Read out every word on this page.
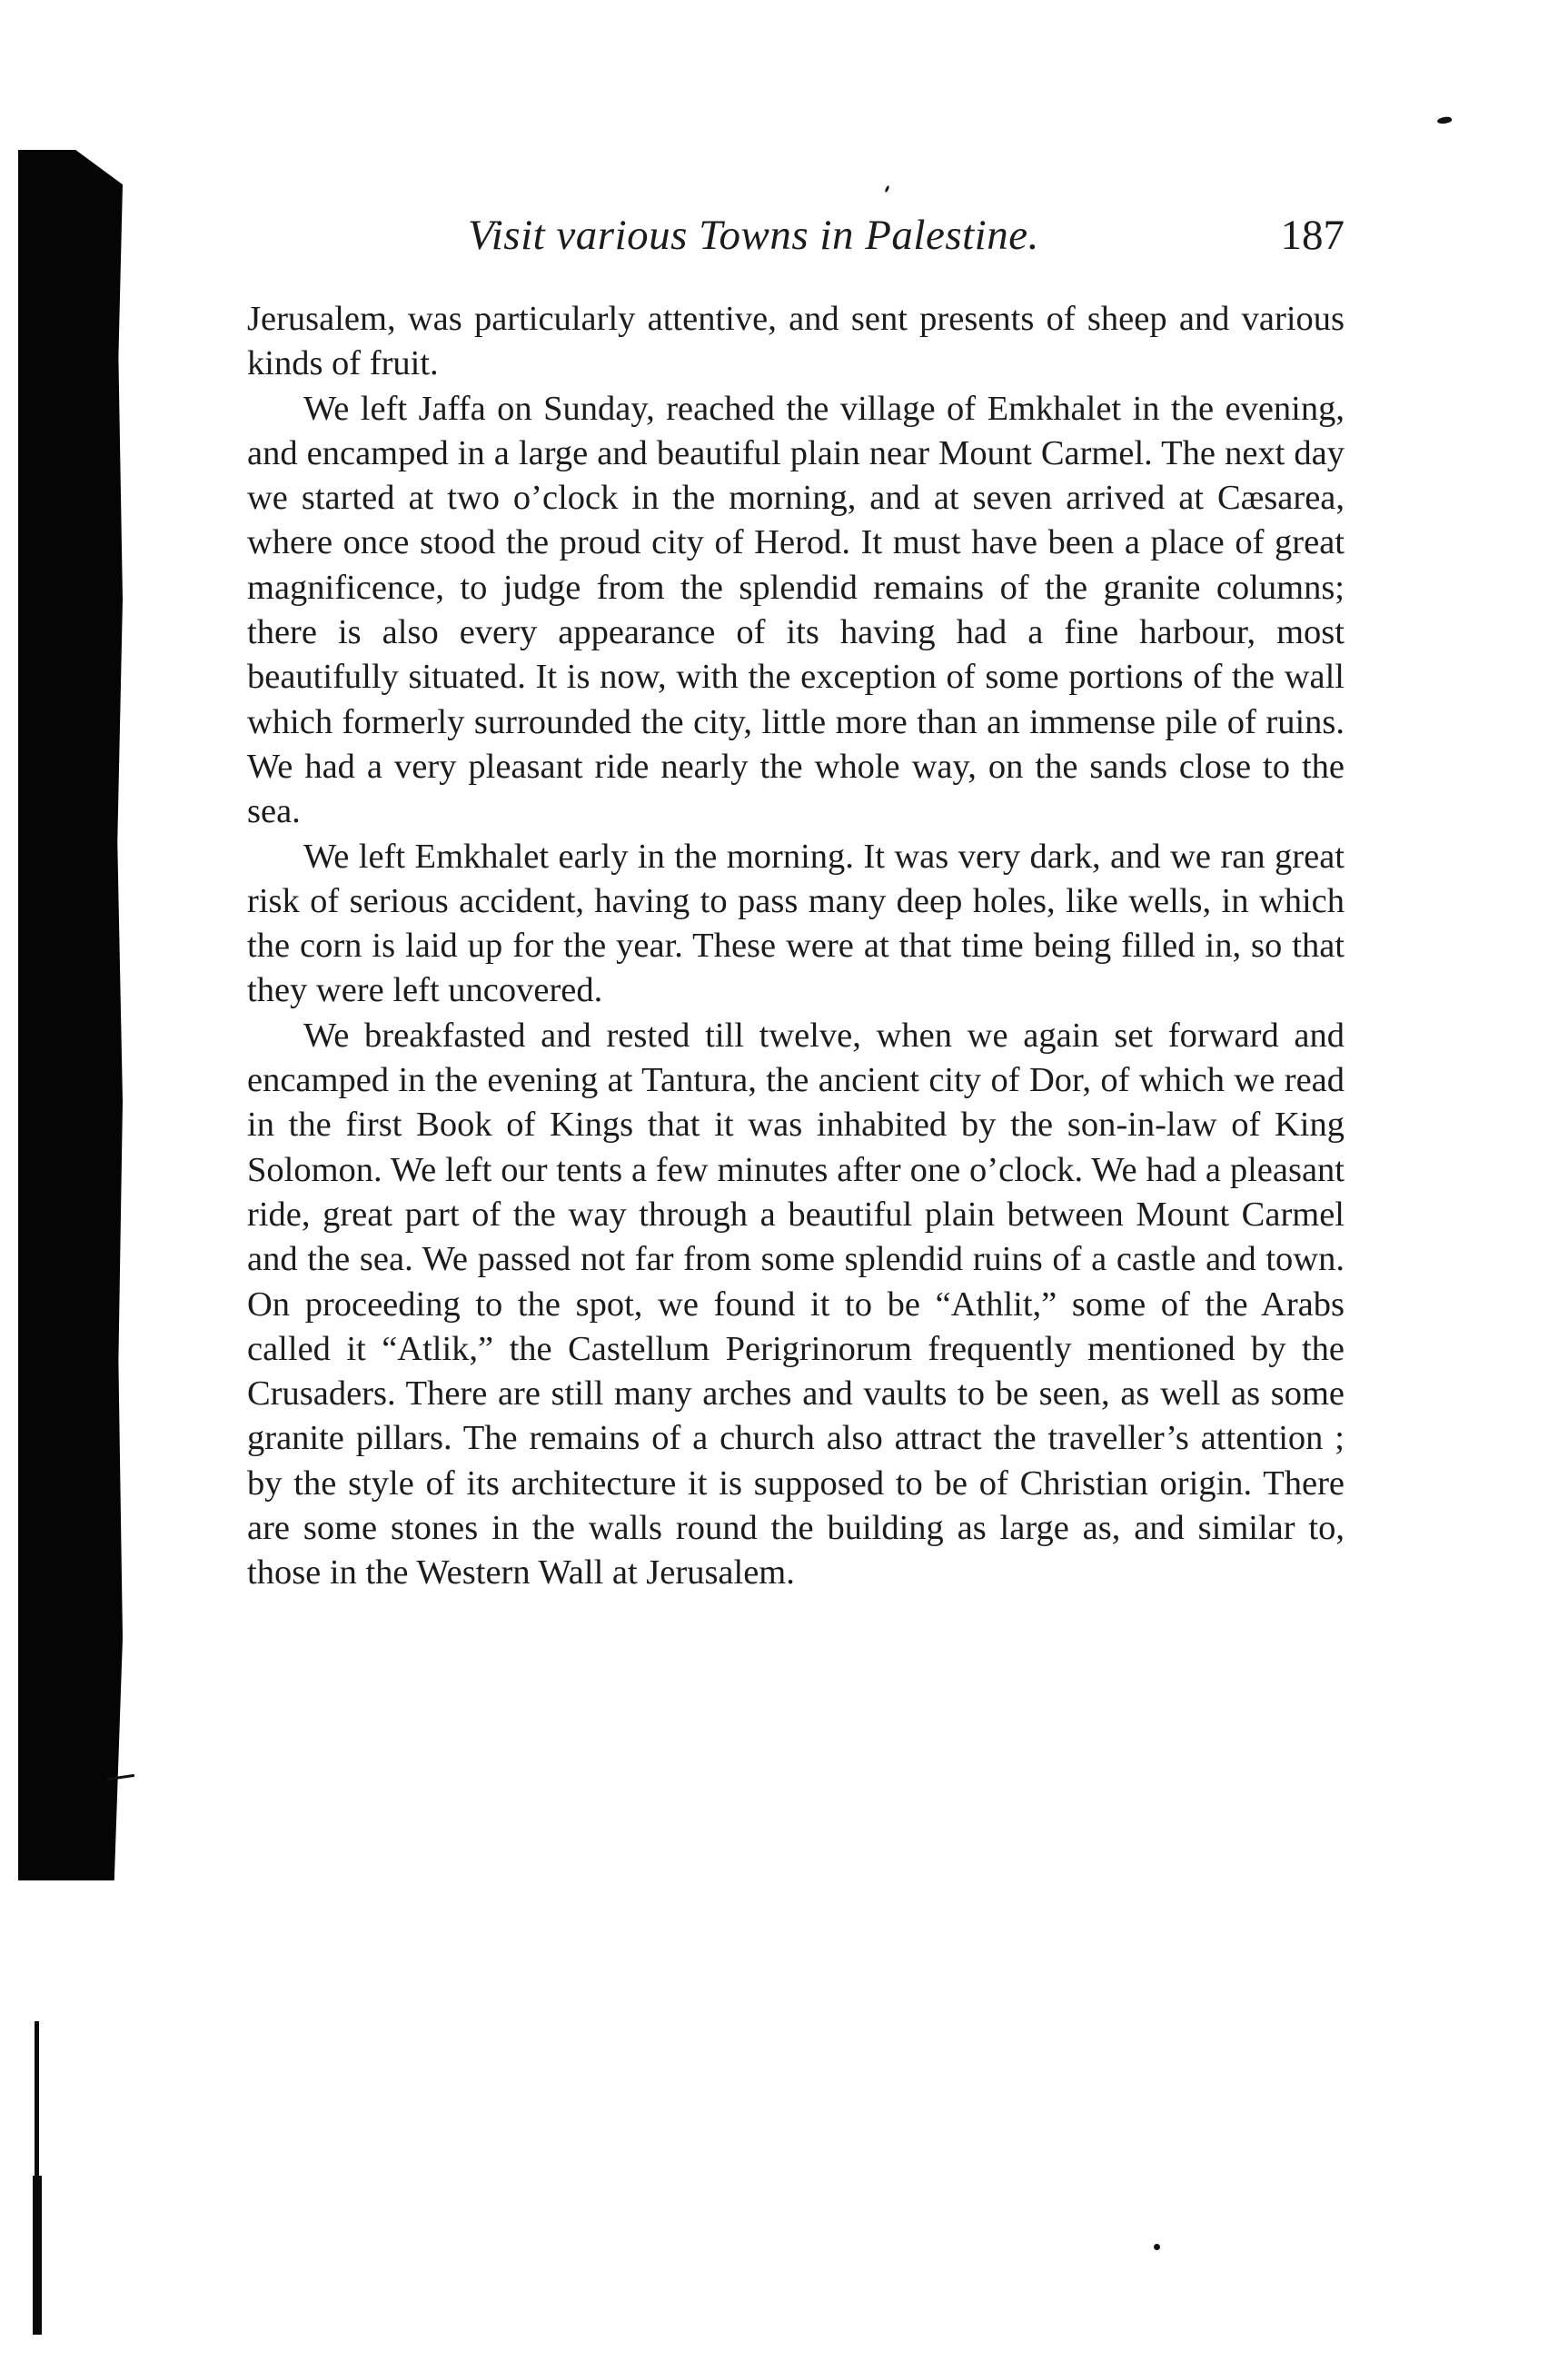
Visit various Towns in Palestine.	187

Jerusalem, was particularly attentive, and sent presents of sheep and various kinds of fruit.

We left Jaffa on Sunday, reached the village of Emkhalet in the evening, and encamped in a large and beautiful plain near Mount Carmel. The next day we started at two o’clock in the morning, and at seven arrived at Cæsarea, where once stood the proud city of Herod. It must have been a place of great magnificence, to judge from the splendid remains of the granite columns; there is also every appearance of its having had a fine harbour, most beautifully situated. It is now, with the exception of some portions of the wall which formerly surrounded the city, little more than an immense pile of ruins. We had a very pleasant ride nearly the whole way, on the sands close to the sea.

We left Emkhalet early in the morning. It was very dark, and we ran great risk of serious accident, having to pass many deep holes, like wells, in which the corn is laid up for the year. These were at that time being filled in, so that they were left uncovered.

We breakfasted and rested till twelve, when we again set forward and encamped in the evening at Tantura, the ancient city of Dor, of which we read in the first Book of Kings that it was inhabited by the son-in-law of King Solomon. We left our tents a few minutes after one o’clock. We had a pleasant ride, great part of the way through a beautiful plain between Mount Carmel and the sea. We passed not far from some splendid ruins of a castle and town. On proceeding to the spot, we found it to be “Athlit,” some of the Arabs called it “Atlik,” the Castellum Perigrinorum frequently mentioned by the Crusaders. There are still many arches and vaults to be seen, as well as some granite pillars. The remains of a church also attract the traveller’s attention ; by the style of its architecture it is supposed to be of Christian origin. There are some stones in the walls round the building as large as, and similar to, those in the Western Wall at Jerusalem.
